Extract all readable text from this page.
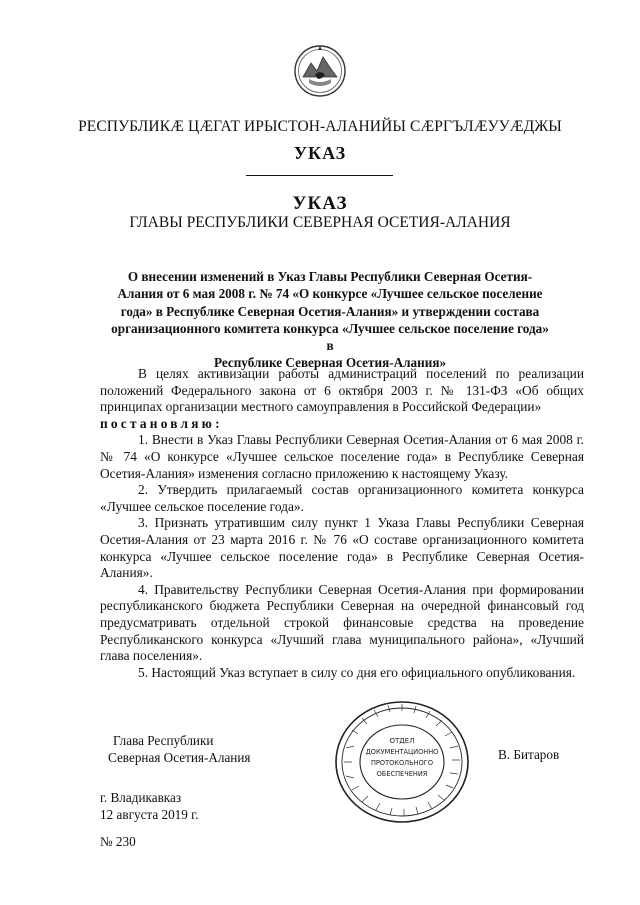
РЕСПУБЛИКӔ ЦӔГАТ ИРЫСТОН-АЛАНИЙЫ СӔРГЪЛӔУУӔДЖЫ
УКАЗ
УКАЗ
ГЛАВЫ РЕСПУБЛИКИ СЕВЕРНАЯ ОСЕТИЯ-АЛАНИЯ
О внесении изменений в Указ Главы Республики Северная Осетия-
Алания от 6 мая 2008 г. № 74 «О конкурсе «Лучшее сельское поселение
года» в Республике Северная Осетия-Алания» и утверждении состава
организационного комитета конкурса «Лучшее сельское поселение года» в
Республике Северная Осетия-Алания»

В целях активизации работы администраций поселений по реализации положений Федерального закона от 6 октября 2003 г. № 131-ФЗ «Об общих принципах организации местного самоуправления в Российской Федерации»

постановляю:

1. Внести в Указ Главы Республики Северная Осетия-Алания от 6 мая 2008 г. № 74 «О конкурсе «Лучшее сельское поселение года» в Республике Северная Осетия-Алания» изменения согласно приложению к настоящему Указу.

2. Утвердить прилагаемый состав организационного комитета конкурса «Лучшее сельское поселение года».

3. Признать утратившим силу пункт 1 Указа Главы Республики Северная Осетия-Алания от 23 марта 2016 г. № 76 «О составе организационного комитета конкурса «Лучшее сельское поселение года» в Республике Северная Осетия-Алания».

4. Правительству Республики Северная Осетия-Алания при формировании республиканского бюджета Республики Северная на очередной финансовый год предусматривать отдельной строкой финансовые средства на проведение Республиканского конкурса «Лучший глава муниципального района», «Лучший глава поселения».

5. Настоящий Указ вступает в силу со дня его официального опубликования.

Глава Республики
Северная Осетия-Алания
ОТДЕЛ
ДОКУМЕНТАЦИОННО
ПРОТОКОЛЬНОГО
ОБЕСПЕЧЕНИЯ
В. Битаров
г. Владикавказ
12 августа 2019 г.
№ 230
